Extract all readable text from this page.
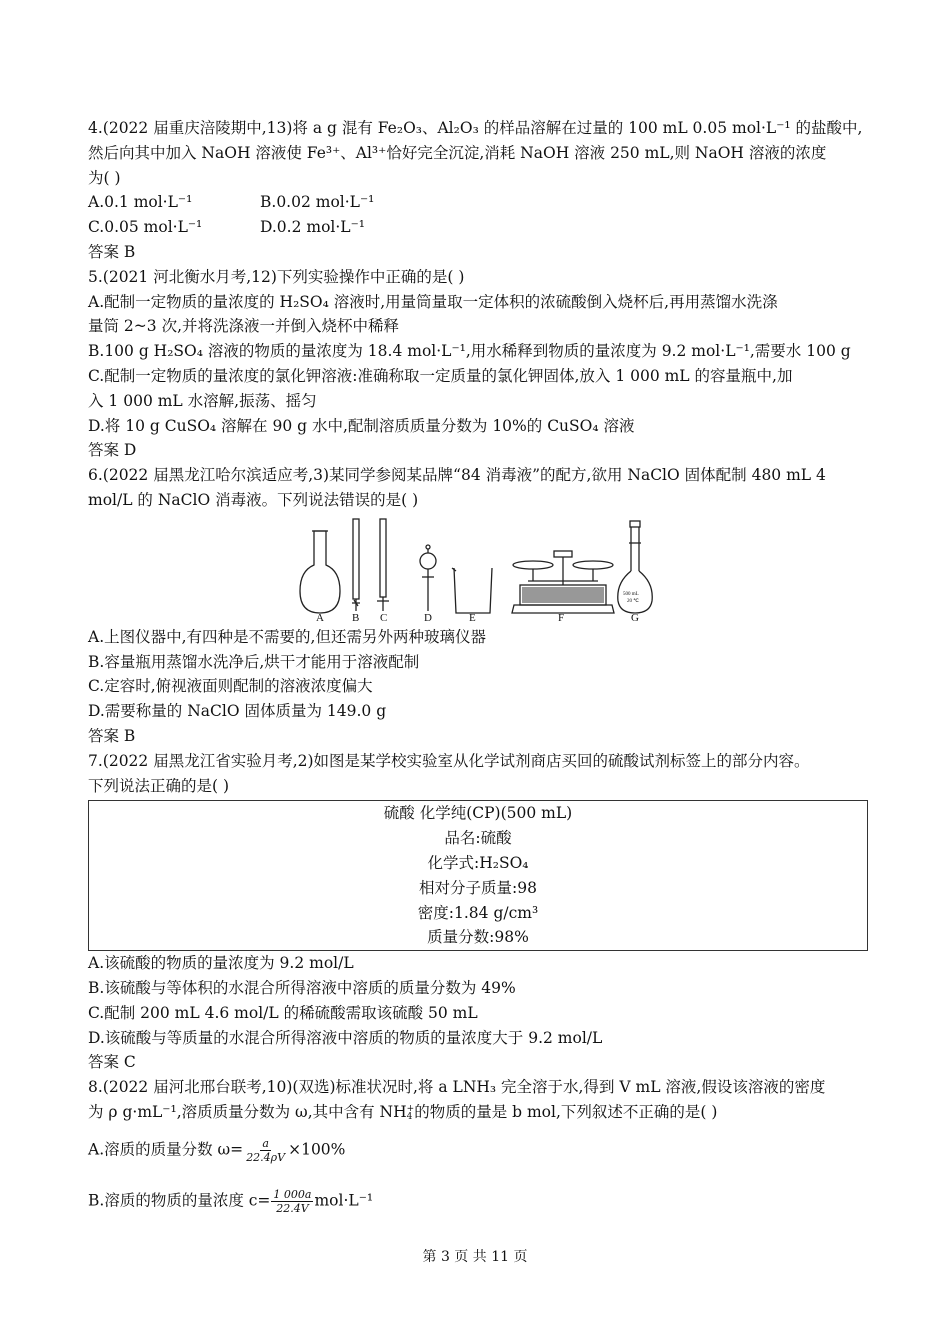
4.(2022 届重庆涪陵期中,13)将 a g 混有 Fe₂O₃、Al₂O₃ 的样品溶解在过量的 100 mL 0.05 mol·L⁻¹ 的盐酸中,
然后向其中加入 NaOH 溶液使 Fe³⁺、Al³⁺恰好完全沉淀,消耗 NaOH 溶液 250 mL,则 NaOH 溶液的浓度
为( )
A.0.1 mol·L⁻¹	B.0.02 mol·L⁻¹
C.0.05 mol·L⁻¹	D.0.2 mol·L⁻¹
答案 B
5.(2021 河北衡水月考,12)下列实验操作中正确的是( )
A.配制一定物质的量浓度的 H₂SO₄ 溶液时,用量筒量取一定体积的浓硫酸倒入烧杯后,再用蒸馏水洗涤
量筒 2~3 次,并将洗涤液一并倒入烧杯中稀释
B.100 g H₂SO₄ 溶液的物质的量浓度为 18.4 mol·L⁻¹,用水稀释到物质的量浓度为 9.2 mol·L⁻¹,需要水 100 g
C.配制一定物质的量浓度的氯化钾溶液:准确称取一定质量的氯化钾固体,放入 1 000 mL 的容量瓶中,加
入 1 000 mL 水溶解,振荡、摇匀
D.将 10 g CuSO₄ 溶解在 90 g 水中,配制溶质质量分数为 10%的 CuSO₄ 溶液
答案 D
6.(2022 届黑龙江哈尔滨适应考,3)某同学参阅某品牌“84 消毒液”的配方,欲用 NaClO 固体配制 480 mL 4
mol/L 的 NaClO 消毒液。下列说法错误的是( )
A	B C	D	E	F	G
500 mL
20 ℃
A.上图仪器中,有四种是不需要的,但还需另外两种玻璃仪器
B.容量瓶用蒸馏水洗净后,烘干才能用于溶液配制
C.定容时,俯视液面则配制的溶液浓度偏大
D.需要称量的 NaClO 固体质量为 149.0 g
答案 B
7.(2022 届黑龙江省实验月考,2)如图是某学校实验室从化学试剂商店买回的硫酸试剂标签上的部分内容。
下列说法正确的是( )
硫酸 化学纯(CP)(500 mL)
品名:硫酸
化学式:H₂SO₄
相对分子质量:98
密度:1.84 g/cm³
质量分数:98%
A.该硫酸的物质的量浓度为 9.2 mol/L
B.该硫酸与等体积的水混合所得溶液中溶质的质量分数为 49%
C.配制 200 mL 4.6 mol/L 的稀硫酸需取该硫酸 50 mL
D.该硫酸与等质量的水混合所得溶液中溶质的物质的量浓度大于 9.2 mol/L
答案 C
8.(2022 届河北邢台联考,10)(双选)标准状况时,将 a LNH₃ 完全溶于水,得到 V mL 溶液,假设该溶液的密度
为 ρ g·mL⁻¹,溶质质量分数为 ω,其中含有 NH +
4 的物质的量是 b mol,下列叙述不正确的是( )
A.溶质的质量分数 $\omega= \frac{a}{22.4\rho V} \times 100\%$
B.溶质的物质的量浓度 $c= \frac{1 000a}{22.4V} mol\cdot L^{-1}$
第 3 页 共 11 页
